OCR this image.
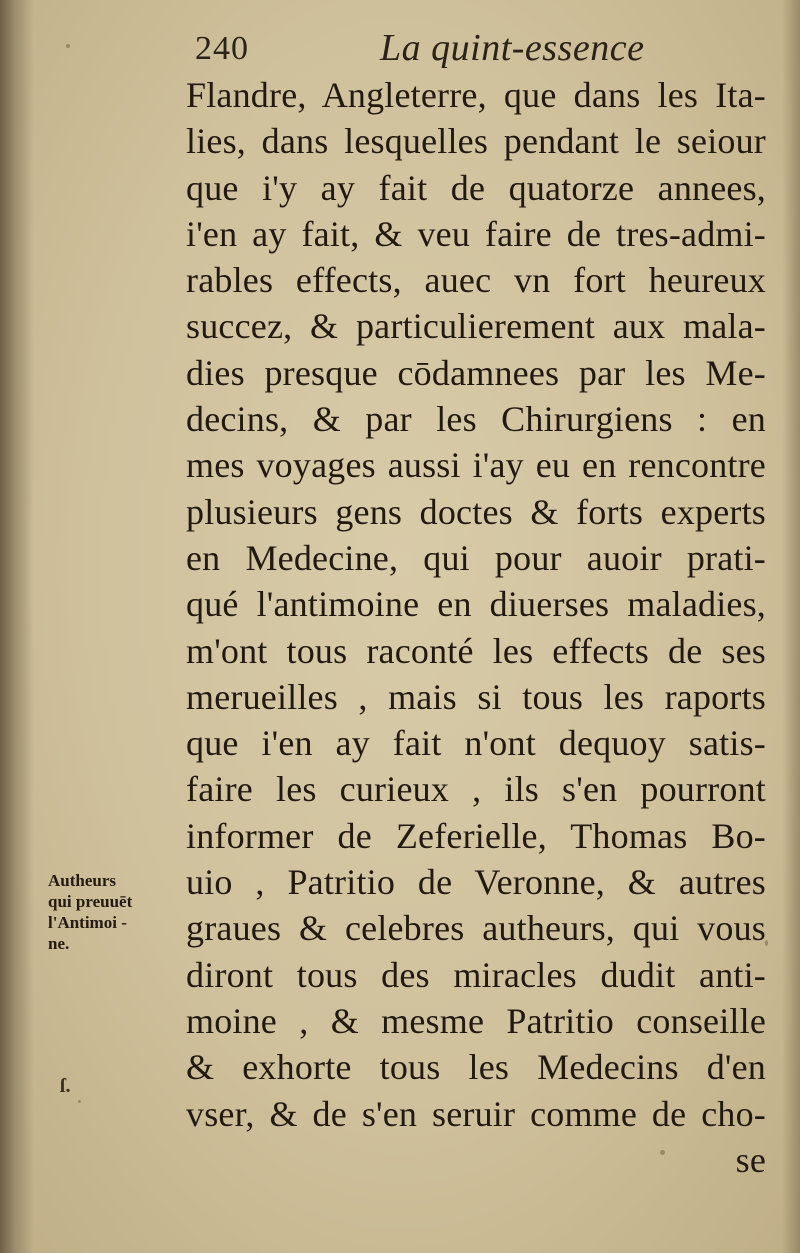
240	La quint-essence
Flandre, Angleterre, que dans les Ita-
lies, dans lesquelles pendant le seiour
que i'y ay fait de quatorze annees,
i'en ay fait, & veu faire de tres-admi-
rables effects, auec vn fort heureux
succez, & particulierement aux mala-
dies presque cōdamnees par les Me-
decins, & par les Chirurgiens : en
mes voyages aussi i'ay eu en rencontre
plusieurs gens doctes & forts experts
en Medecine, qui pour auoir prati-
qué l'antimoine en diuerses maladies,
m'ont tous raconté les effects de ses
merueilles , mais si tous les raports
que i'en ay fait n'ont dequoy satis-
faire les curieux , ils s'en pourront
informer de Zeferielle, Thomas Bo-
uio , Patritio de Veronne, & autres
graues & celebres autheurs, qui vous
diront tous des miracles dudit anti-
moine , & mesme Patritio conseille
& exhorte tous les Medecins d'en
vser, & de s'en seruir comme de cho-
se
Autheurs
qui preuuēt
l'Antimoi -
ne.
ſ.
